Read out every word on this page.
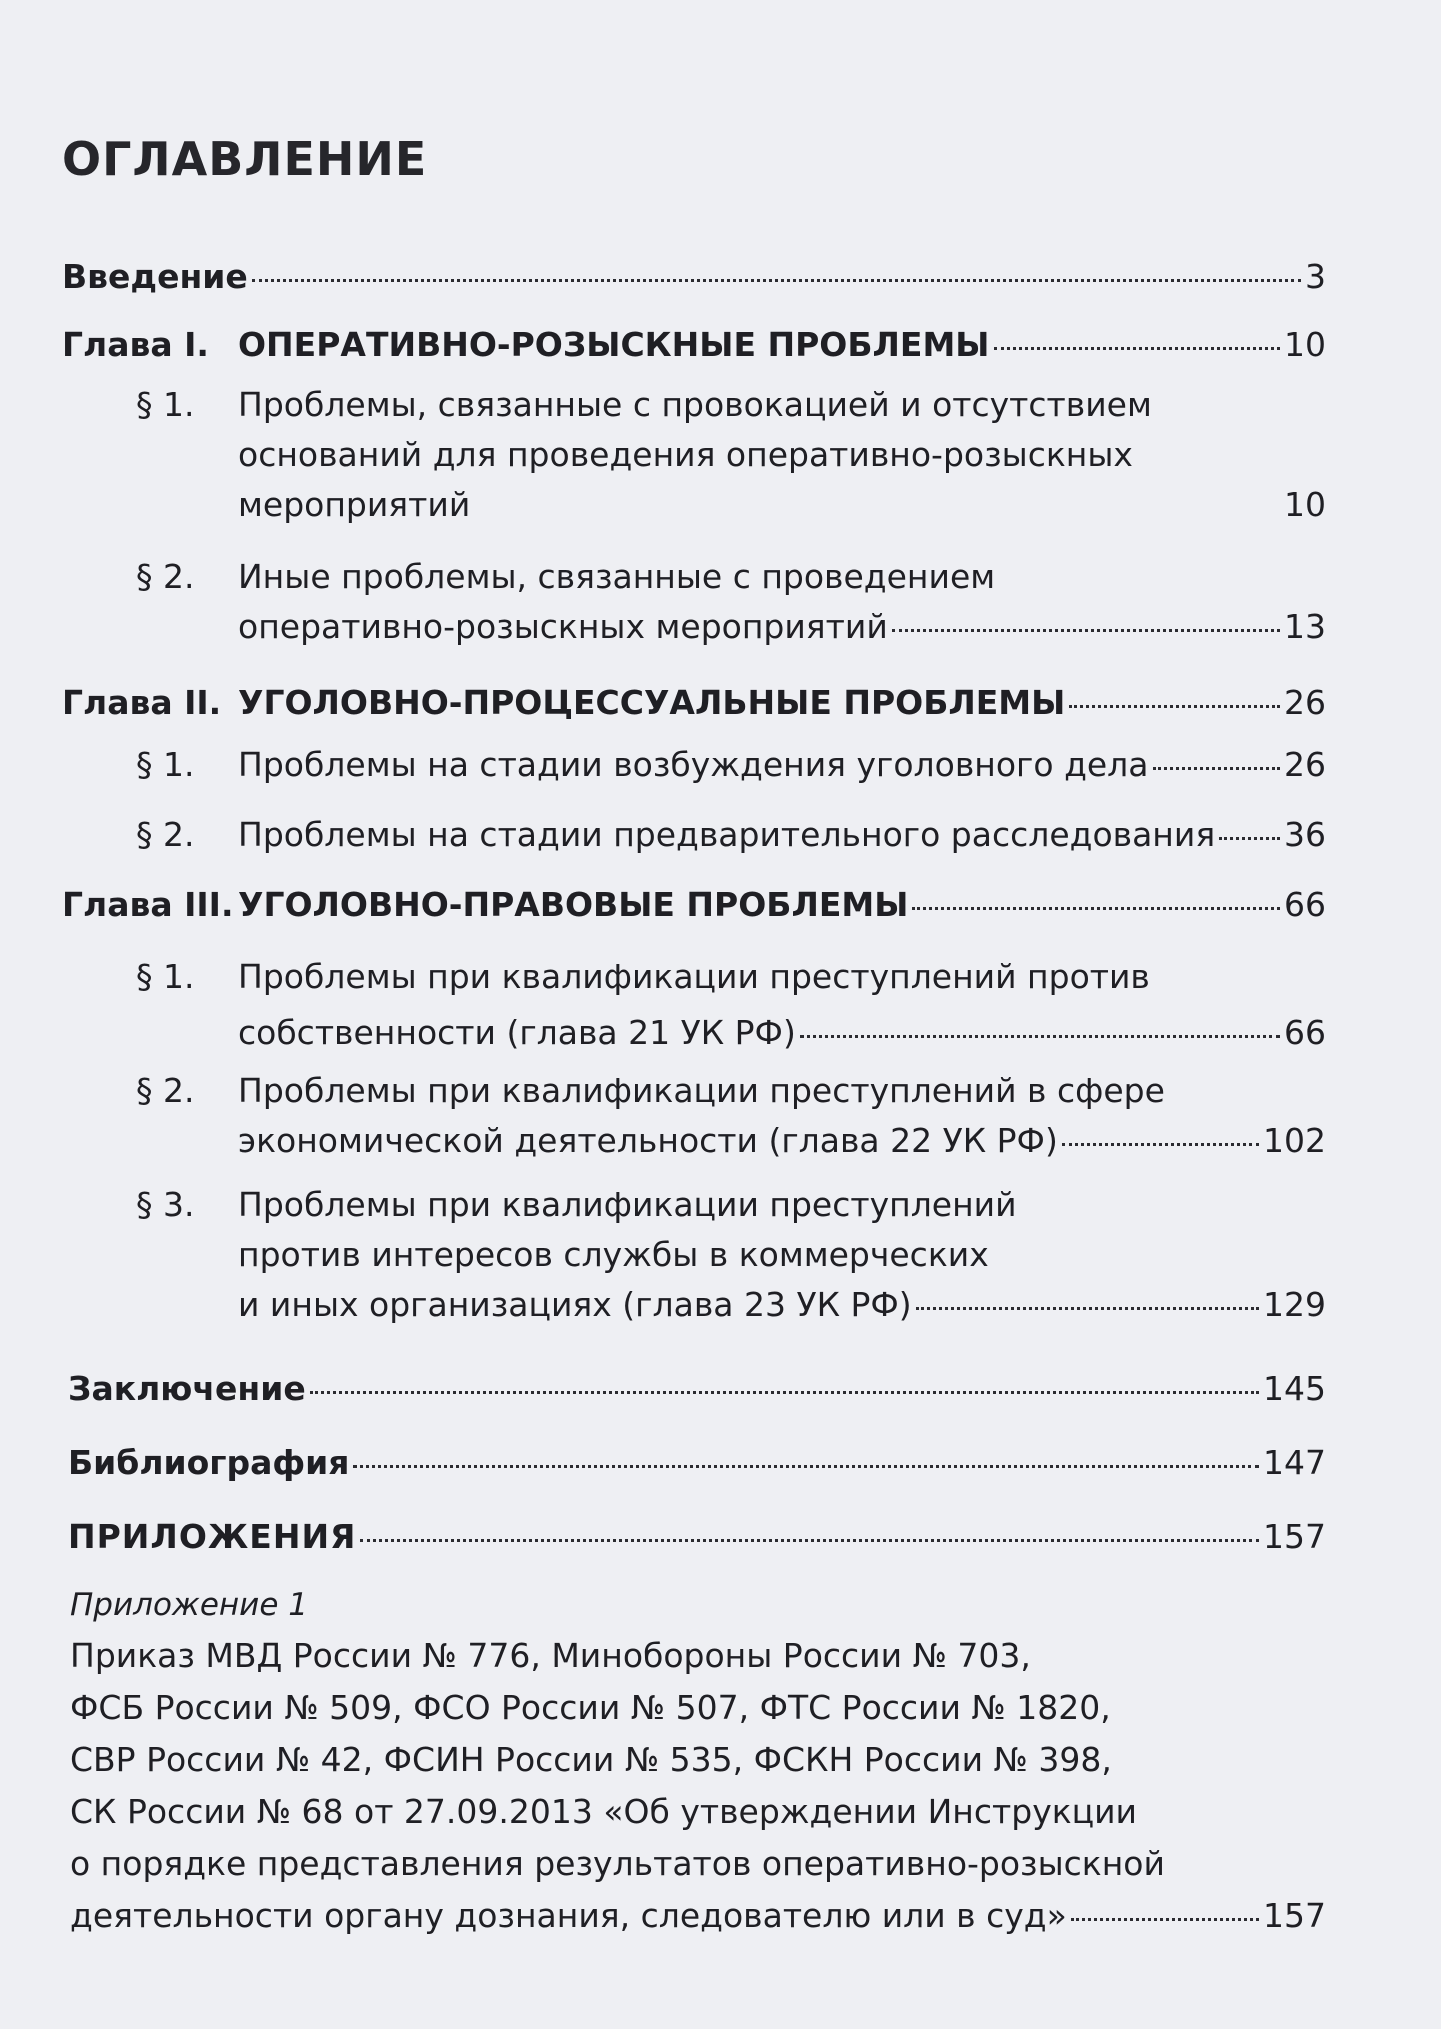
ОГЛАВЛЕНИЕ
Введение	3
Глава I. ОПЕРАТИВНО-РОЗЫСКНЫЕ ПРОБЛЕМЫ	10
§ 1. Проблемы, связанные с провокацией и отсутствием
оснований для проведения оперативно-розыскных
мероприятий	10
§ 2. Иные проблемы, связанные с проведением
оперативно-розыскных мероприятий	13
Глава II. УГОЛОВНО-ПРОЦЕССУАЛЬНЫЕ ПРОБЛЕМЫ	26
§ 1. Проблемы на стадии возбуждения уголовного дела	26
§ 2. Проблемы на стадии предварительного расследования 36
Глава III. УГОЛОВНО-ПРАВОВЫЕ ПРОБЛЕМЫ	66
§ 1. Проблемы при квалификации преступлений против
собственности (глава 21 УК РФ)	66
§ 2. Проблемы при квалификации преступлений в сфере
экономической деятельности (глава 22 УК РФ)	102
§ 3. Проблемы при квалификации преступлений
против интересов службы в коммерческих
и иных организациях (глава 23 УК РФ)	129
Заключение	145
Библиография	147
ПРИЛОЖЕНИЯ	157
Приложение 1
Приказ МВД России № 776, Минобороны России № 703,
ФСБ России № 509, ФСО России № 507, ФТС России № 1820,
СВР России № 42, ФСИН России № 535, ФСКН России № 398,
СК России № 68 от 27.09.2013 «Об утверждении Инструкции
о порядке представления результатов оперативно-розыскной
деятельности органу дознания, следователю или в суд»	157
